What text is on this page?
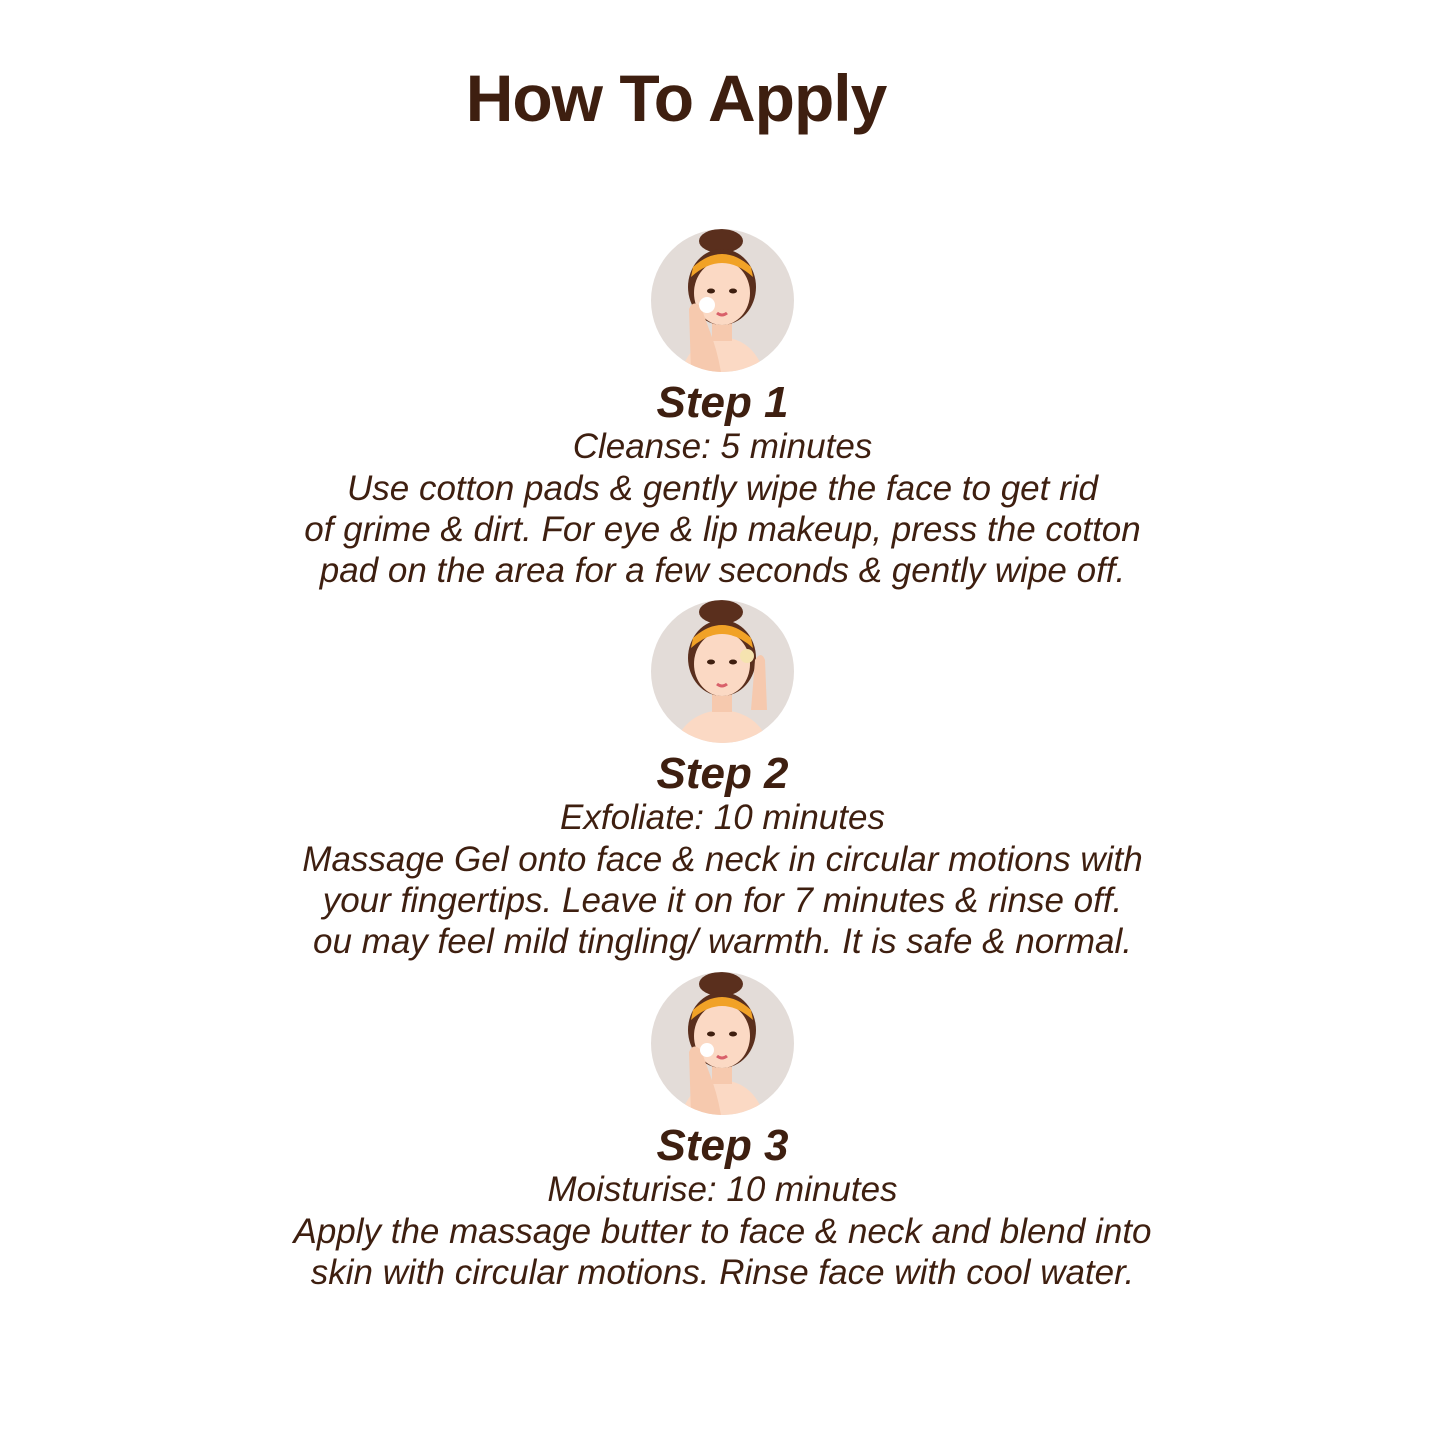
How To Apply
Step 1
Cleanse: 5 minutes
Use cotton pads & gently wipe the face to get rid
of grime & dirt. For eye & lip makeup, press the cotton
pad on the area for a few seconds & gently wipe off.
Step 2
Exfoliate: 10 minutes
Massage Gel onto face & neck in circular motions with
your fingertips. Leave it on for 7 minutes & rinse off.
ou may feel mild tingling/ warmth. It is safe & normal.
Step 3
Moisturise: 10 minutes
Apply the massage butter to face & neck and blend into
skin with circular motions. Rinse face with cool water.
